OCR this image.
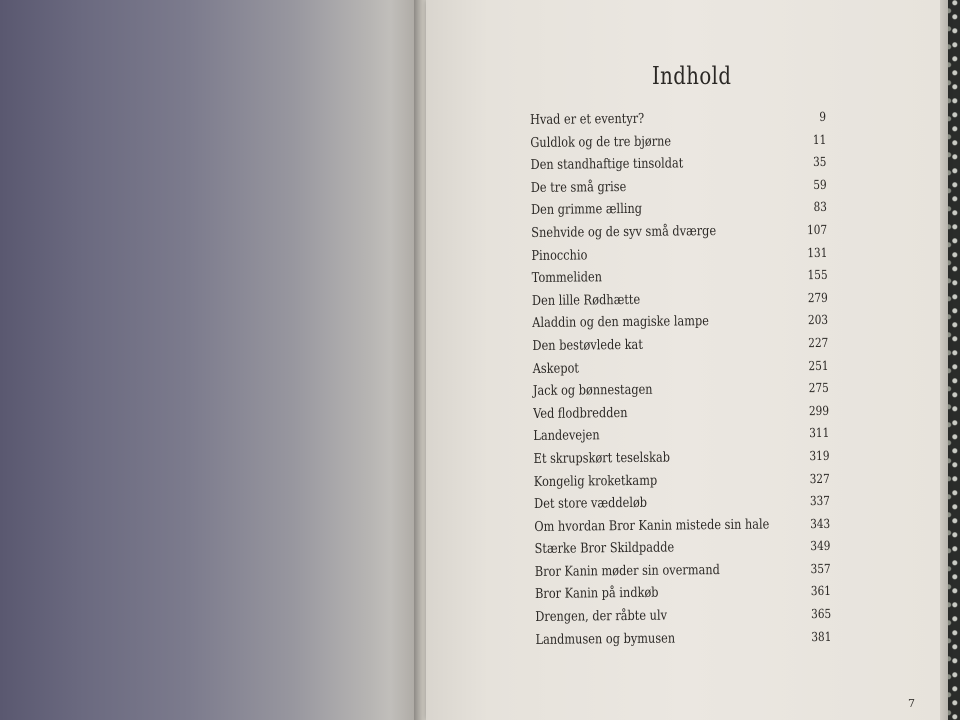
Indhold
Hvad er et eventyr?	9
Guldlok og de tre bjørne	11
Den standhaftige tinsoldat	35
De tre små grise	59
Den grimme ælling	83
Snehvide og de syv små dværge	107
Pinocchio	131
Tommeliden	155
Den lille Rødhætte	279
Aladdin og den magiske lampe	203
Den bestøvlede kat	227
Askepot	251
Jack og bønnestagen	275
Ved flodbredden	299
Landevejen	311
Et skrupskørt teselskab	319
Kongelig kroketkamp	327
Det store væddeløb	337
Om hvordan Bror Kanin mistede sin hale	343
Stærke Bror Skildpadde	349
Bror Kanin møder sin overmand	357
Bror Kanin på indkøb	361
Drengen, der råbte ulv	365
Landmusen og bymusen	381
7
